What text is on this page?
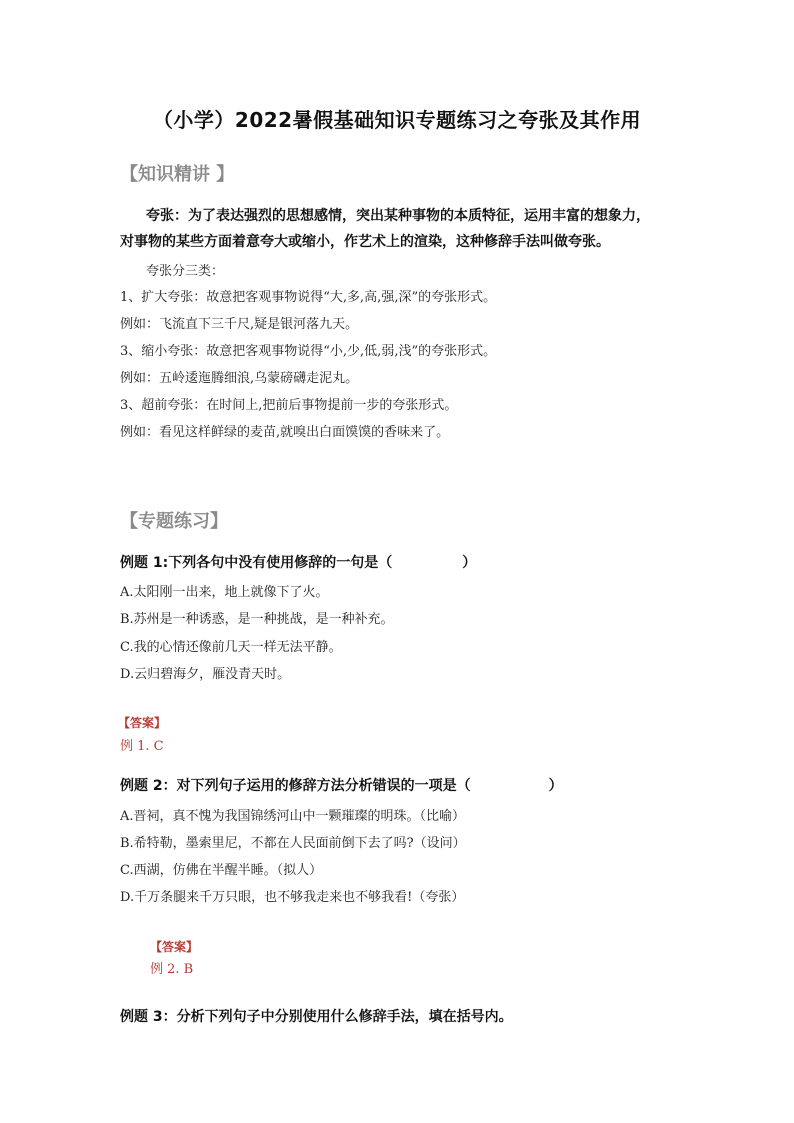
（小学）2022暑假基础知识专题练习之夸张及其作用
【知识精讲 】
夸张：为了表达强烈的思想感情，突出某种事物的本质特征，运用丰富的想象力，
对事物的某些方面着意夸大或缩小，作艺术上的渲染，这种修辞手法叫做夸张。
夸张分三类：
1、扩大夸张：故意把客观事物说得“大,多,高,强,深”的夸张形式。
例如：飞流直下三千尺,疑是银河落九天。
3、缩小夸张：故意把客观事物说得“小,少,低,弱,浅”的夸张形式。
例如：五岭逶迤腾细浪,乌蒙磅礴走泥丸。
3、超前夸张：在时间上,把前后事物提前一步的夸张形式。
例如：看见这样鲜绿的麦苗,就嗅出白面馍馍的香味来了。
【专题练习】
例题 1:下列各句中没有使用修辞的一句是（	）
A.太阳刚一出来，地上就像下了火。
B.苏州是一种诱惑，是一种挑战，是一种补充。
C.我的心情还像前几天一样无法平静。
D.云归碧海夕，雁没青天时。
【答案】
例 1. C
例题 2：对下列句子运用的修辞方法分析错误的一项是（	）
A.晋祠，真不愧为我国锦绣河山中一颗璀璨的明珠。（比喻）
B.希特勒，墨索里尼，不都在人民面前倒下去了吗?（设问）
C.西湖，仿佛在半醒半睡。（拟人）
D.千万条腿来千万只眼，也不够我走来也不够我看!（夸张）
【答案】
例 2. B
例题 3：分析下列句子中分别使用什么修辞手法，填在括号内。
